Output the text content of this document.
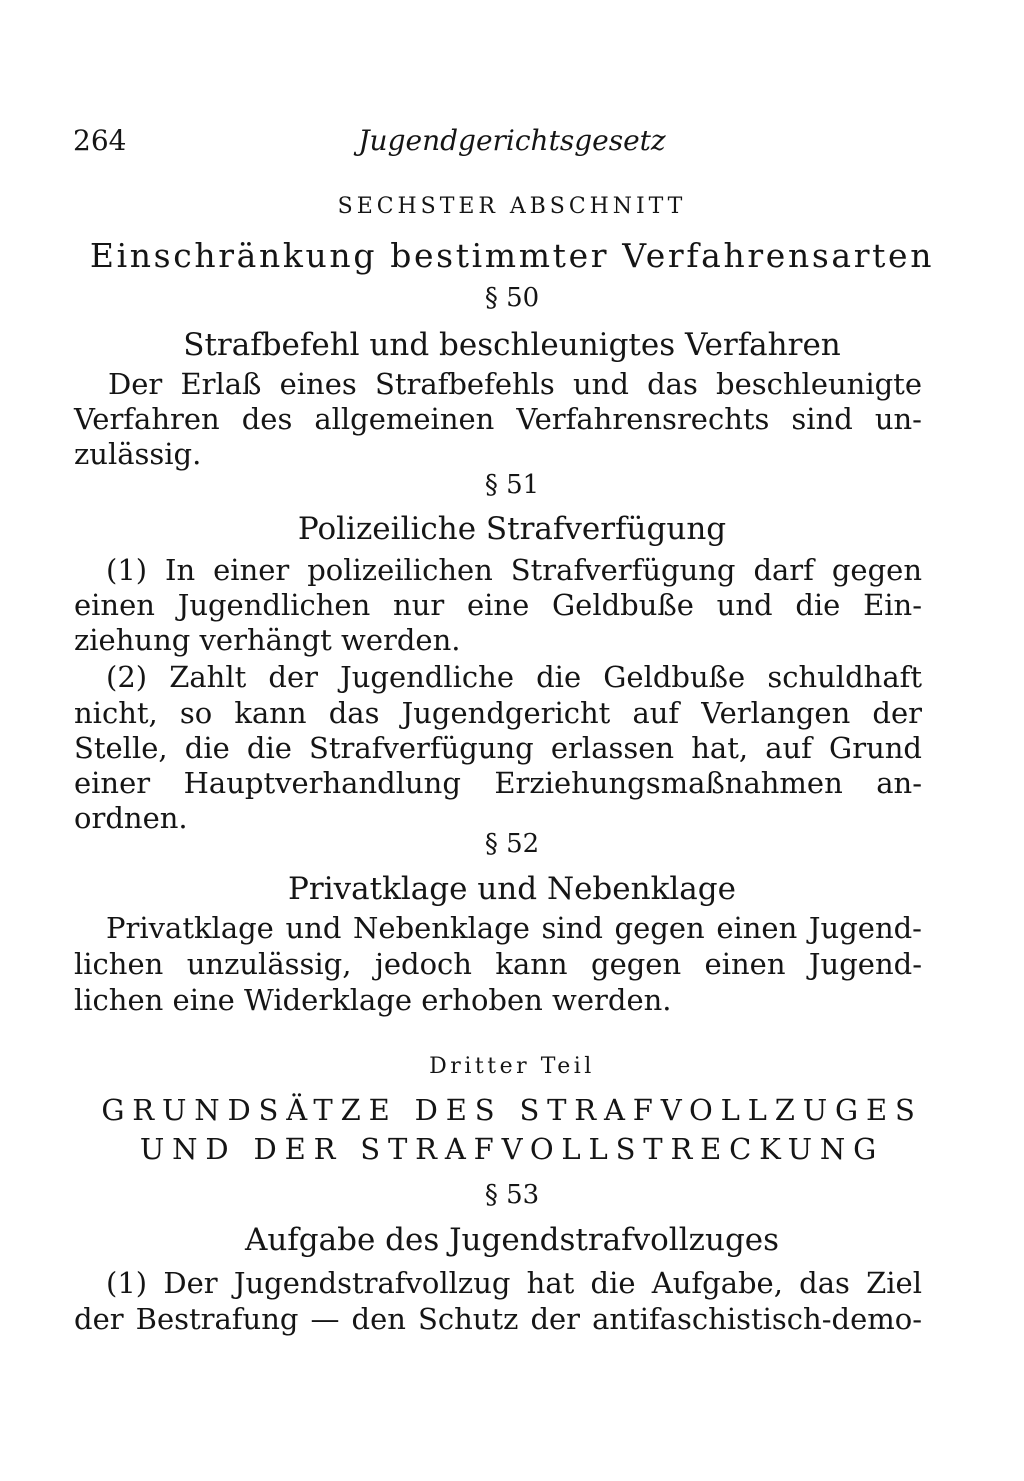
264	Jugendgerichtsgesetz
SECHSTER ABSCHNITT
Einschränkung bestimmter Verfahrensarten
§ 50
Strafbefehl und beschleunigtes Verfahren
Der Erlaß eines Strafbefehls und das beschleunigte
Verfahren des allgemeinen Verfahrensrechts sind un-
zulässig.
§ 51
Polizeiliche Strafverfügung
(1) In einer polizeilichen Strafverfügung darf gegen
einen Jugendlichen nur eine Geldbuße und die Ein-
ziehung verhängt werden.
(2) Zahlt der Jugendliche die Geldbuße schuldhaft
nicht, so kann das Jugendgericht auf Verlangen der
Stelle, die die Strafverfügung erlassen hat, auf Grund
einer Hauptverhandlung Erziehungsmaßnahmen an-
ordnen.
§ 52
Privatklage und Nebenklage
Privatklage und Nebenklage sind gegen einen Jugend-
lichen unzulässig, jedoch kann gegen einen Jugend-
lichen eine Widerklage erhoben werden.
Dritter Teil
GRUNDSÄTZE DES STRAFVOLLZUGES
UND DER STRAFVOLLSTRECKUNG
§ 53
Aufgabe des Jugendstrafvollzuges
(1) Der Jugendstrafvollzug hat die Aufgabe, das Ziel
der Bestrafung — den Schutz der antifaschistisch-demo-
